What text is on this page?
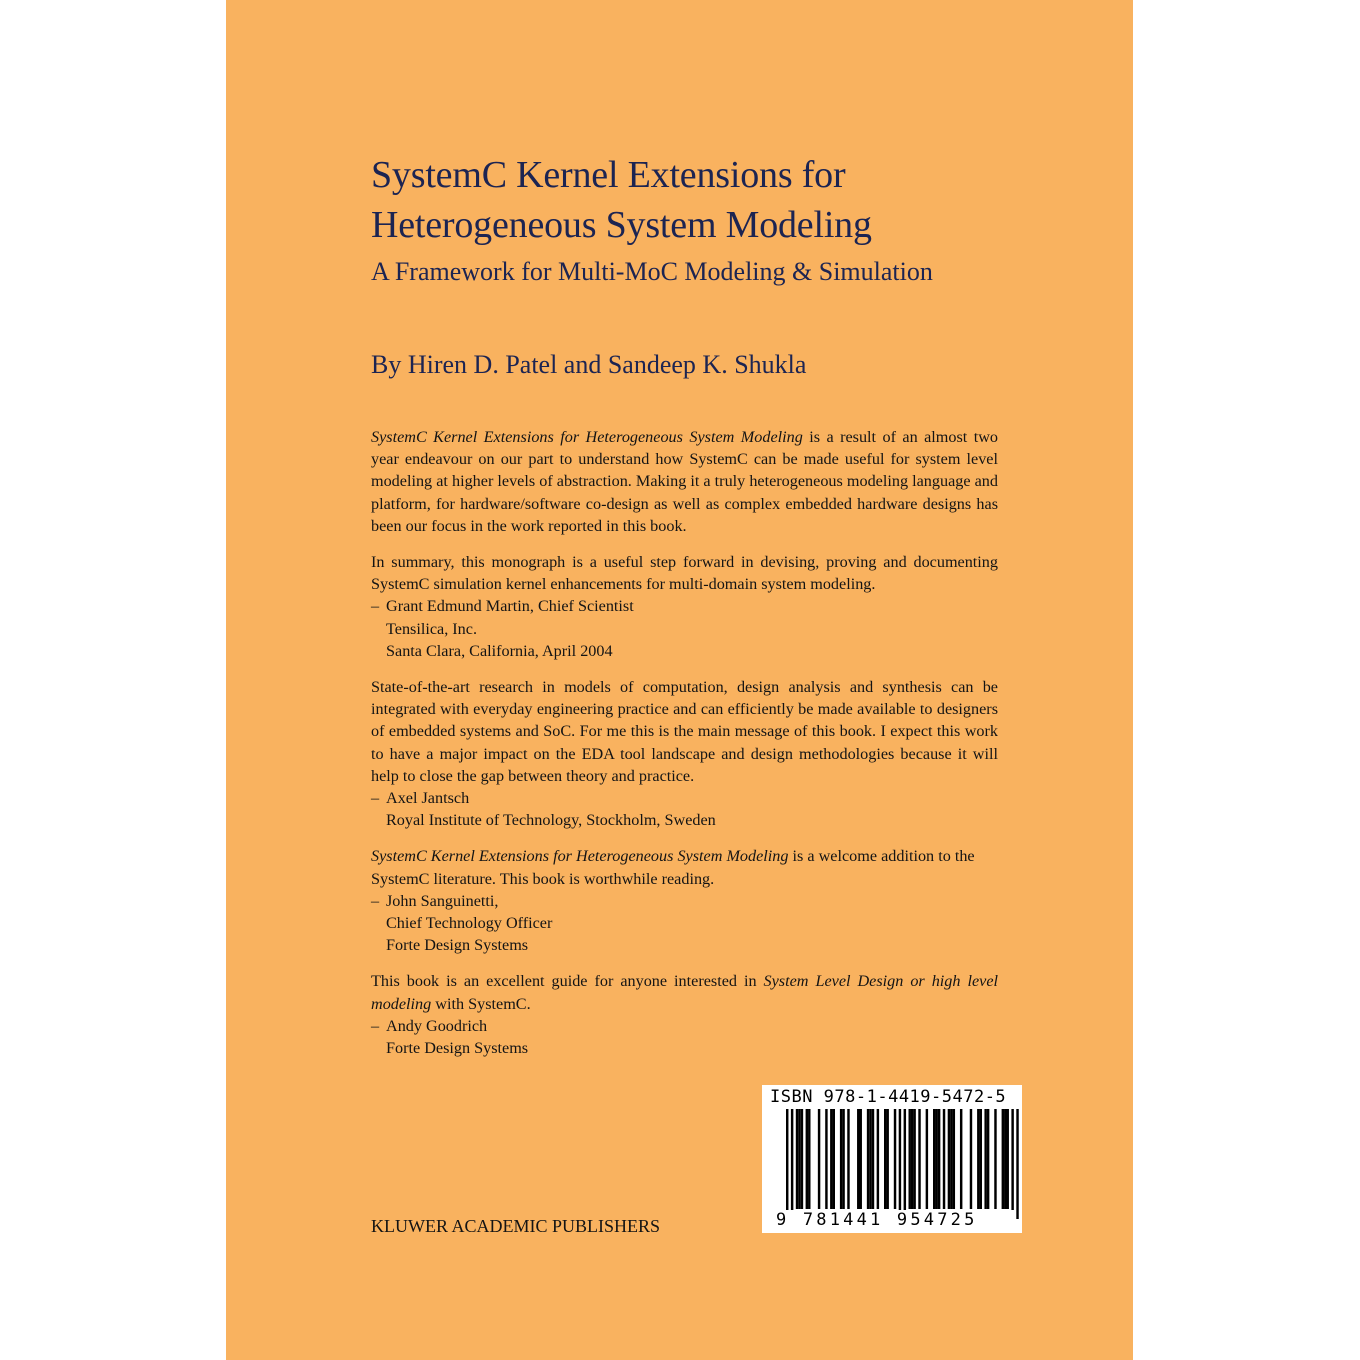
SystemC Kernel Extensions for
Heterogeneous System Modeling
A Framework for Multi-MoC Modeling & Simulation
By Hiren D. Patel and Sandeep K. Shukla

SystemC Kernel Extensions for Heterogeneous System Modeling is a result of an almost two year endeavour on our part to understand how SystemC can be made useful for system level modeling at higher levels of abstraction. Making it a truly heterogeneous modeling language and platform, for hardware/software co-design as well as complex embedded hardware designs has been our focus in the work reported in this book.

In summary, this monograph is a useful step forward in devising, proving and documenting SystemC simulation kernel enhancements for multi-domain system modeling.

– Grant Edmund Martin, Chief Scientist
Tensilica, Inc.
Santa Clara, California, April 2004

State-of-the-art research in models of computation, design analysis and synthesis can be integrated with everyday engineering practice and can efficiently be made available to designers of embedded systems and SoC. For me this is the main message of this book. I expect this work to have a major impact on the EDA tool landscape and design methodologies because it will help to close the gap between theory and practice.

– Axel Jantsch
Royal Institute of Technology, Stockholm, Sweden

SystemC Kernel Extensions for Heterogeneous System Modeling is a welcome addition to the SystemC literature. This book is worthwhile reading.

– John Sanguinetti,
Chief Technology Officer
Forte Design Systems

This book is an excellent guide for anyone interested in System Level Design or high level modeling with SystemC.

– Andy Goodrich
Forte Design Systems
KLUWER ACADEMIC PUBLISHERS
ISBN 978-1-4419-5472-5
9 781441 954725
